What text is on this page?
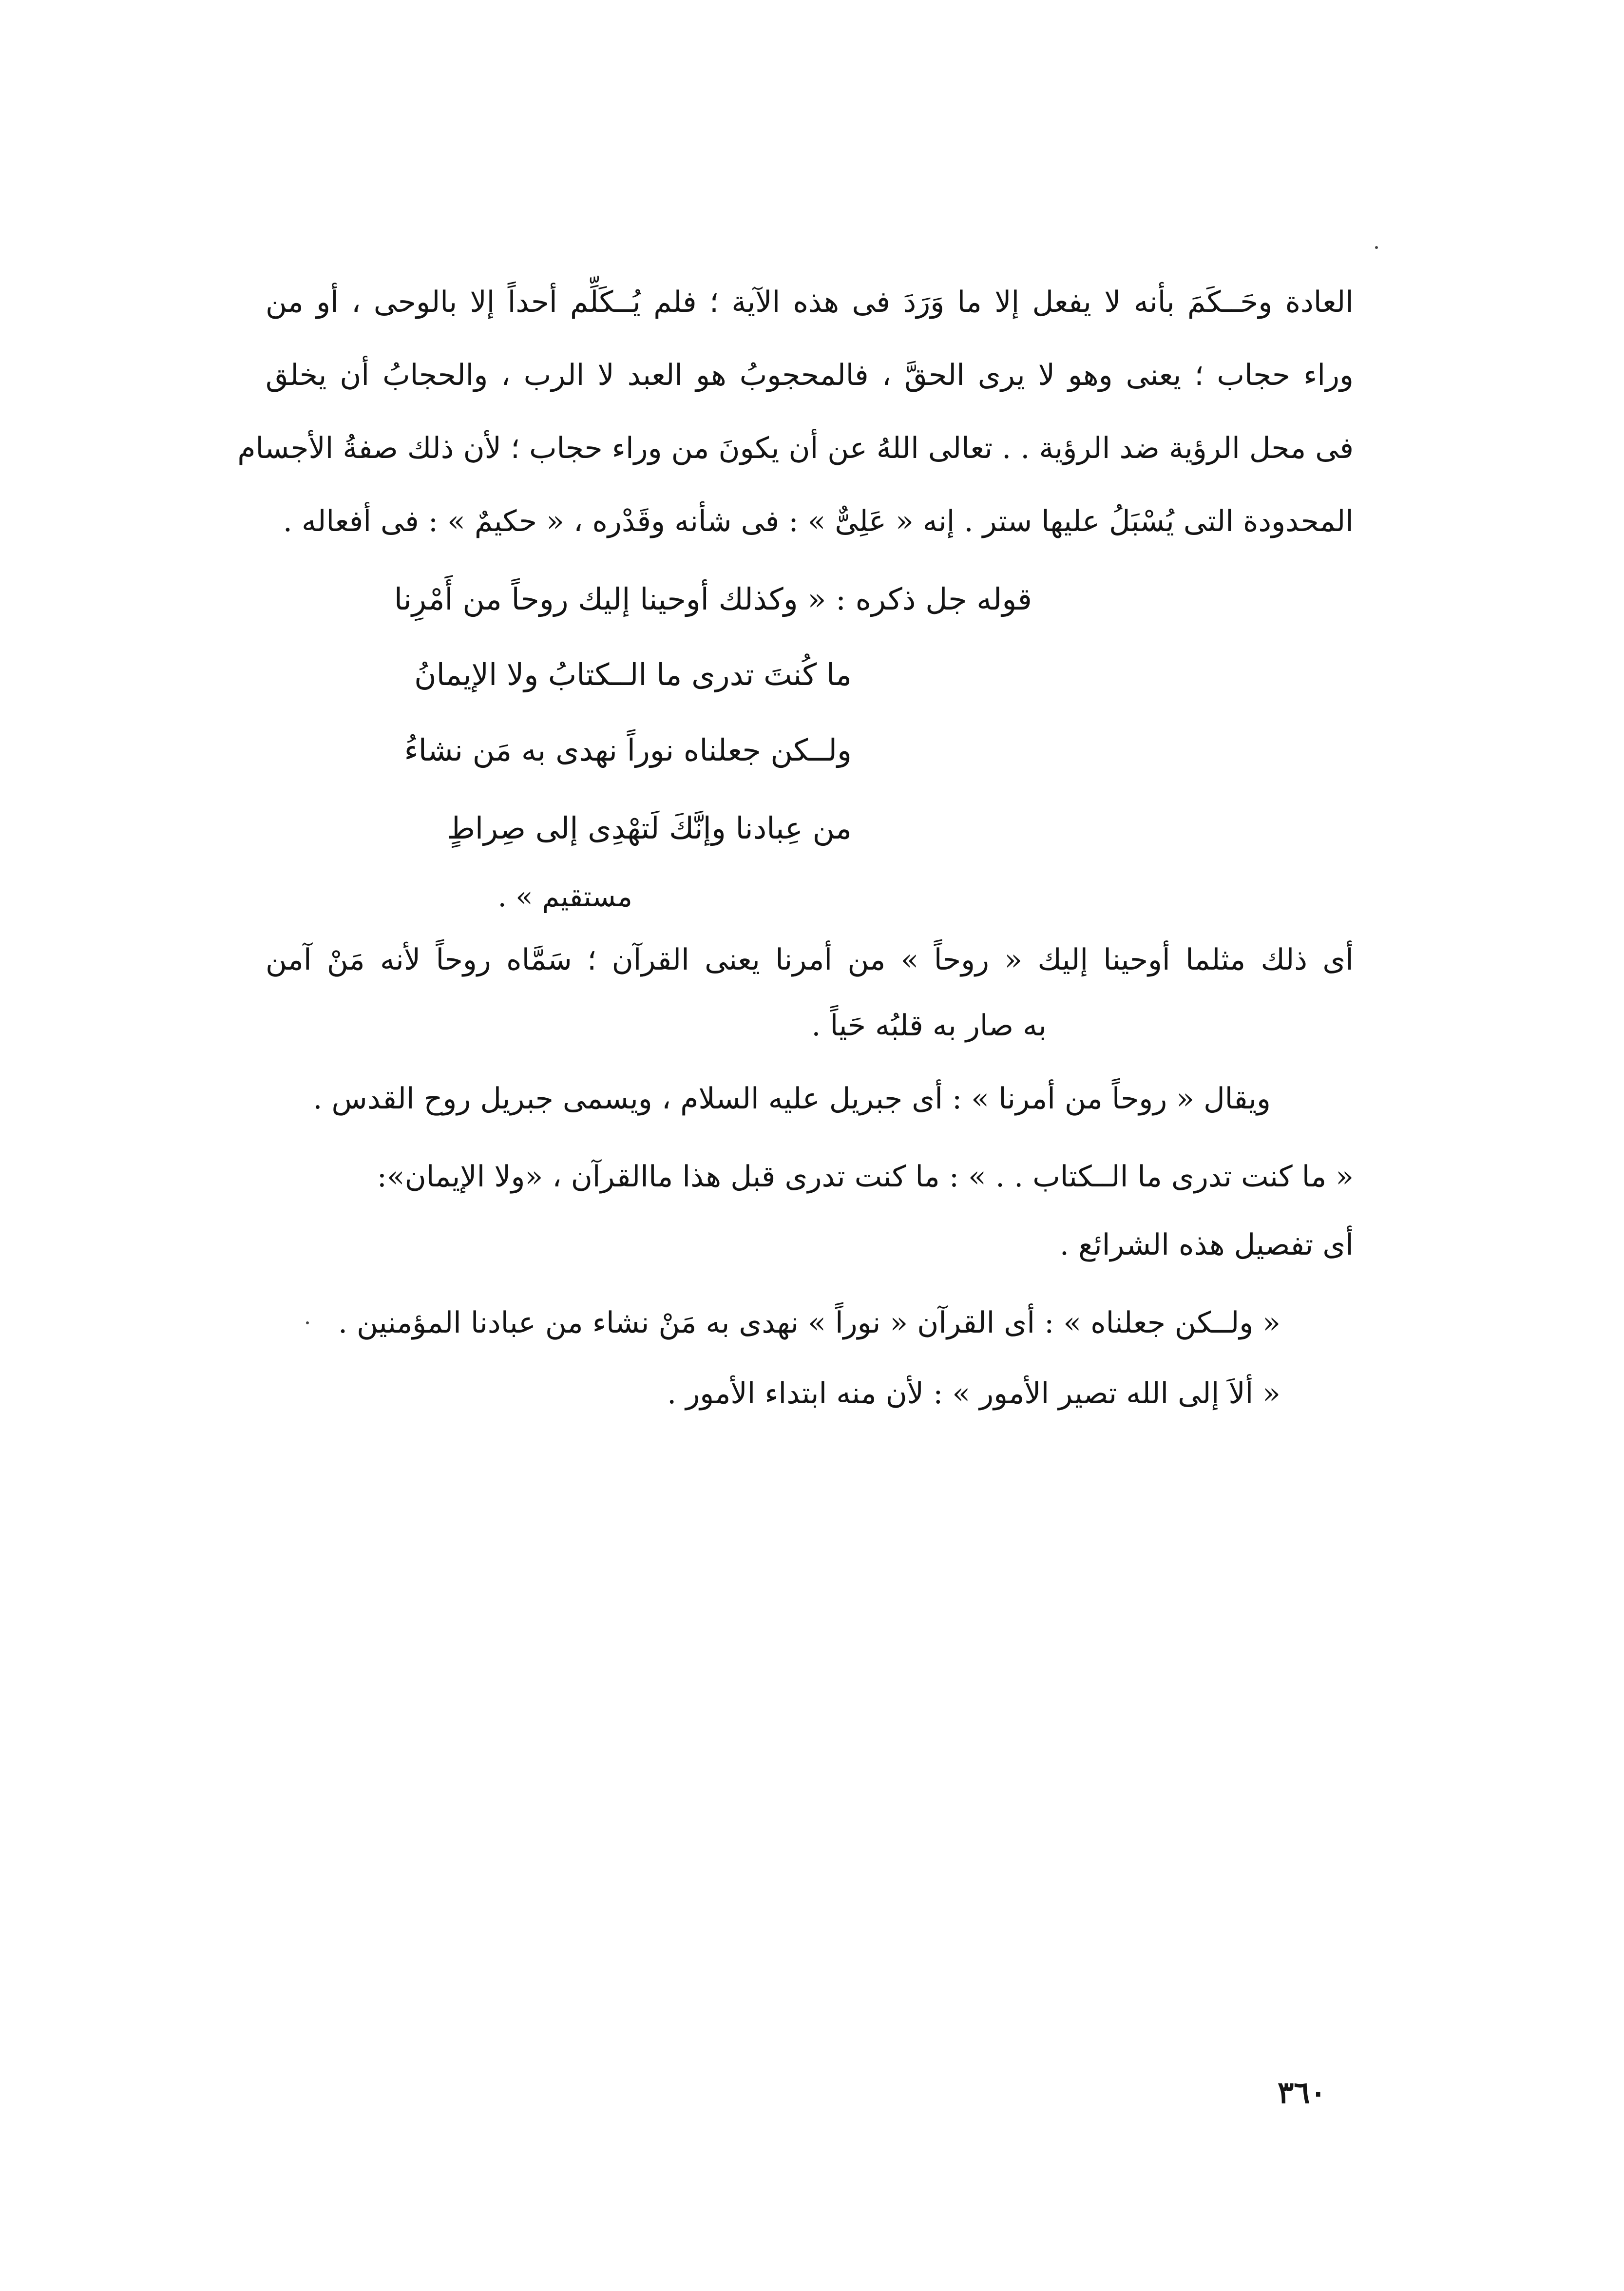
العادة وحَــكَمَ بأنه لا يفعل إلا ما وَرَدَ فى هذه الآية ؛ فلم يُــكَلِّم أحداً إلا بالوحى ، أو من
وراء حجاب ؛ يعنى وهو لا يرى الحقَّ ، فالمحجوبُ هو العبد لا الرب ، والحجابُ أن يخلق
فى محل الرؤية ضد الرؤية . . تعالى اللهُ عن أن يكونَ من وراء حجاب ؛ لأن ذلك صفةُ الأجسام
المحدودة التى يُسْبَلُ عليها ستر . إنه « عَلِىٌّ » : فى شأنه وقَدْره ، « حكيمٌ » : فى أفعاله .
قوله جل ذكره : « وكذلك أوحينا إليك روحاً من أَمْرِنا
ما كُنتَ تدرى ما الــكتابُ ولا الإيمانُ
ولــكن جعلناه نوراً نهدى به مَن نشاءُ
من عِبادنا وإنَّكَ لَتهْدِى إلى صِراطٍ
مستقيم » .
أى ذلك مثلما أوحينا إليك « روحاً » من أمرنا يعنى القرآن ؛ سَمَّاه روحاً لأنه مَنْ آمن
به صار به قلبُه حَياً .
ويقال « روحاً من أمرنا » : أى جبريل عليه السلام ، ويسمى جبريل روح القدس .
« ما كنت تدرى ما الــكتاب . . » : ما كنت تدرى قبل هذا ماالقرآن ، «ولا الإيمان»:
أى تفصيل هذه الشرائع .
« ولــكن جعلناه » : أى القرآن « نوراً » نهدى به مَنْ نشاء من عبادنا المؤمنين .
« ألاَ إلى الله تصير الأمور » : لأن منه ابتداء الأمور .
٣٦٠
